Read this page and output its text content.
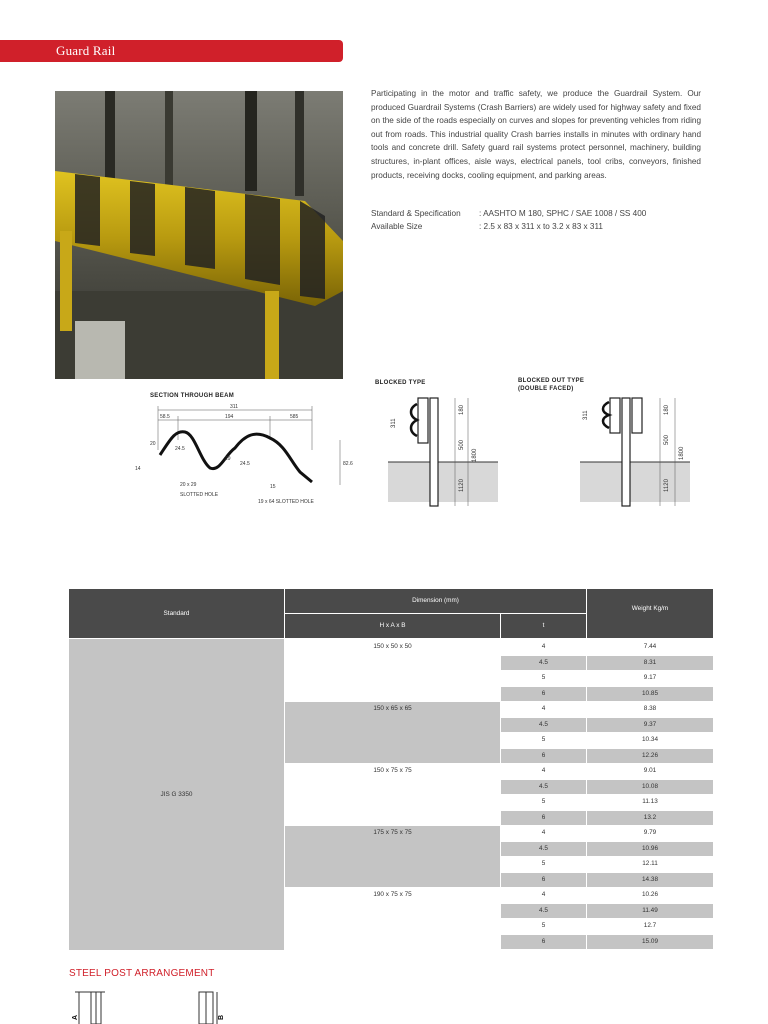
Guard Rail
Participating in the motor and traffic safety, we produce the Guardrail System. Our produced Guardrail Systems (Crash Barriers) are widely used for highway safety and fixed on the side of the roads especially on curves and slopes for preventing vehicles from riding out from roads. This industrial quality Crash barries installs in minutes with ordinary hand tools and concrete drill. Safety guard rail systems protect personnel, machinery, building structures, in-plant offices, aisle ways, electrical panels, tool cribs, conveyors, finished products, receiving docks, cooling equipment, and parking areas.
Standard & Specification : AASHTO M 180, SPHC / SAE 1008 / SS 400
Available Size	: 2.5 x 83 x 311 x to 3.2 x 83 x 311
SECTION THROUGH BEAM
BLOCKED TYPE	BLOCKED OUT TYPE
(DOUBLE FACED)
311
58.5	194	585
82.6
24.5
24.5
20
29
15
14
20 x 29
SLOTTED HOLE
19 x 64 SLOTTED HOLE
311
180
500
1800
1120
311
180
500
1800
1120
Standard
Dimension (mm)
H x A x B	t
Weight Kg/m
JIS G 3350
150 x 50 x 50	4	7.44
4.5	8.31
5	9.17
6	10.85
150 x 65 x 65	4	8.38
4.5	9.37
5	10.34
6	12.26
150 x 75 x 75	4	9.01
4.5	10.08
5	11.13
6	13.2
175 x 75 x 75	4	9.79
4.5	10.96
5	12.11
6	14.38
190 x 75 x 75	4	10.26
4.5	11.49
5	12.7
6	15.09
STEEL POST ARRANGEMENT
A	B
